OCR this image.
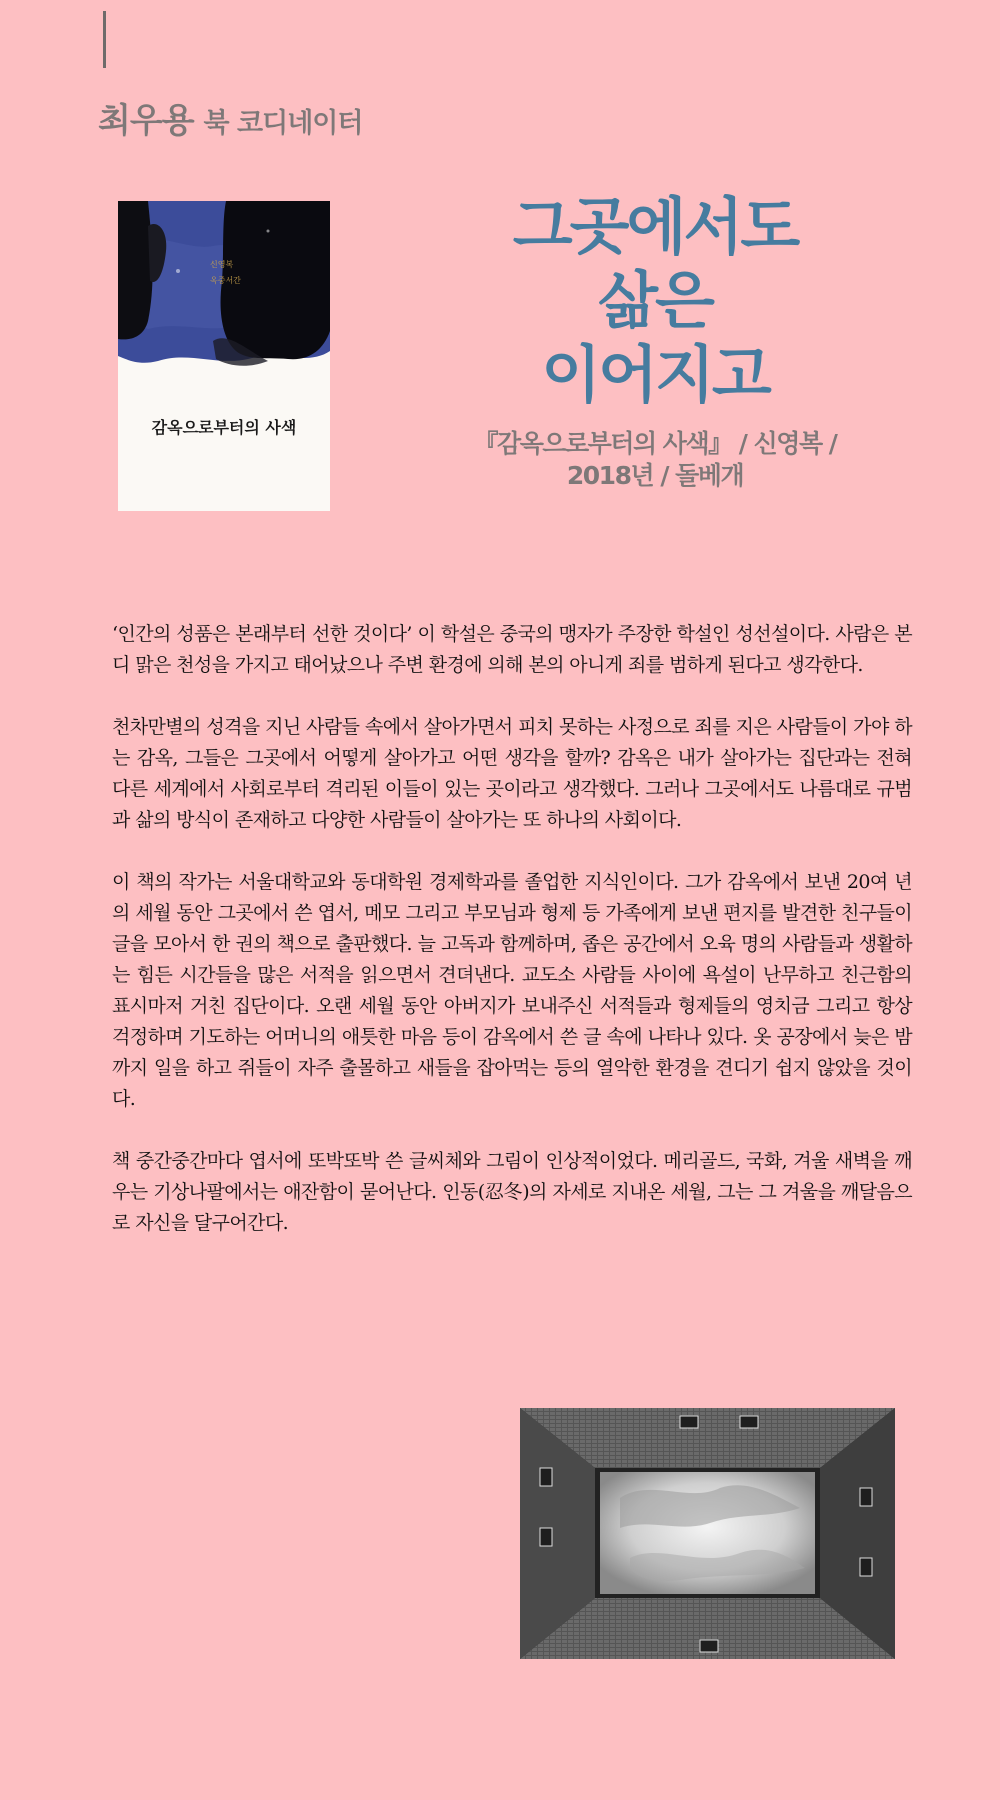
최우용 북 코디네이터
신영복
옥중서간
감옥으로부터의 사색
그곳에서도
삶은
이어지고
『감옥으로부터의 사색』 / 신영복 /
2018년 / 돌베개

‘인간의 성품은 본래부터 선한 것이다’ 이 학설은 중국의 맹자가 주장한 학설인 성선설이다. 사람은 본디 맑은 천성을 가지고 태어났으나 주변 환경에 의해 본의 아니게 죄를 범하게 된다고 생각한다.

천차만별의 성격을 지닌 사람들 속에서 살아가면서 피치 못하는 사정으로 죄를 지은 사람들이 가야 하는 감옥, 그들은 그곳에서 어떻게 살아가고 어떤 생각을 할까? 감옥은 내가 살아가는 집단과는 전혀 다른 세계에서 사회로부터 격리된 이들이 있는 곳이라고 생각했다. 그러나 그곳에서도 나름대로 규범과 삶의 방식이 존재하고 다양한 사람들이 살아가는 또 하나의 사회이다.

이 책의 작가는 서울대학교와 동대학원 경제학과를 졸업한 지식인이다. 그가 감옥에서 보낸 20여 년의 세월 동안 그곳에서 쓴 엽서, 메모 그리고 부모님과 형제 등 가족에게 보낸 편지를 발견한 친구들이 글을 모아서 한 권의 책으로 출판했다. 늘 고독과 함께하며, 좁은 공간에서 오육 명의 사람들과 생활하는 힘든 시간들을 많은 서적을 읽으면서 견뎌낸다. 교도소 사람들 사이에 욕설이 난무하고 친근함의 표시마저 거친 집단이다. 오랜 세월 동안 아버지가 보내주신 서적들과 형제들의 영치금 그리고 항상 걱정하며 기도하는 어머니의 애틋한 마음 등이 감옥에서 쓴 글 속에 나타나 있다. 옷 공장에서 늦은 밤까지 일을 하고 쥐들이 자주 출몰하고 새들을 잡아먹는 등의 열악한 환경을 견디기 쉽지 않았을 것이다.

책 중간중간마다 엽서에 또박또박 쓴 글씨체와 그림이 인상적이었다. 메리골드, 국화, 겨울 새벽을 깨우는 기상나팔에서는 애잔함이 묻어난다. 인동(忍冬)의 자세로 지내온 세월, 그는 그 겨울을 깨달음으로 자신을 달구어간다.
